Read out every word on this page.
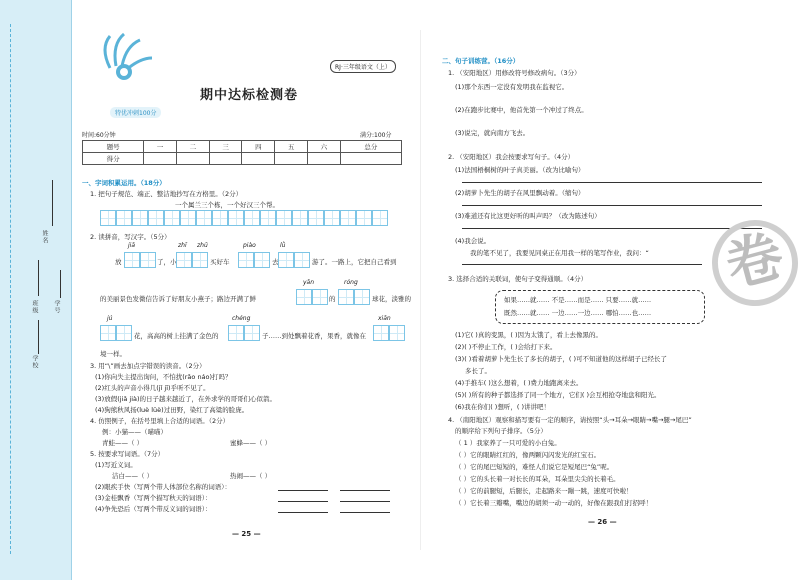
姓名
班级
学校
学号
RJ·三年级语文（上）
期中达标检测卷
特优冲刺100分
时间:60分钟	满分:100分
题号	一	二	三	四	五	六	总分
得分							
一、字词积累运用。（18分）
1. 把句子规范、端正、整洁地抄写在方格里。（2分）
一个属兰三个栋，一个好汉三个帮。
2. 读拼音，写汉字。（5分）
jiā	zhī zhū	piào	lǜ
放	了，小	买好车	去	游了。一路上，它把自己看到
yān	róng
的美丽景色发微信告诉了好朋友小燕子；路边开满了鲜	的	球花，淡雅的
jú	chéng	xiān
花，高高的树上挂满了金色的	子……到处飘着花香，果香，就像在
境一样。
3. 用“\”画去加点字错误的读音。（2分）
(1)你向失主提出询问，不怕扰(rǎo náo)打吗？
(2)红头的声音小得几(jǐ jī)乎听不见了。
(3)放假(jiǎ jià)的日子越来越近了，在外求学的哥哥们心似箭。
(4)狗熊秋风扬(luè lüè)过田野，染红了高粱的脸庞。
4. 仿照例子，在括号里填上合适的词语。（2分）
例：小猫——（喵喵）
青蛙——（ ）	蜜蜂——（ ）
5. 按要求写词语。（7分）
(1)写近义词。
洁白——（ ）	热闹——（ ）
(2)眼疾手快（写两个带人体部位名称的词语）：
(3)金桂飘香（写两个描写秋天的词语）：
(4)争先恐后（写两个带反义词的词语）：
— 25 —
二、句子训练营。（16分）
1. （安阳地区）用修改符号修改病句。（3分）
(1)那个东西一定没有发明我在监视它。
(2)在跑步比赛中，他首先第一个冲过了终点。
(3)说完，就向南方飞去。
2. （安阳地区）我会按要求写句子。（4分）
(1)法国梧桐树的叶子真美丽。（改为比喻句）
(2)胡萝卜先生的胡子在风里飘动着。（缩句）
(3)难道还有比这更好听的叫声吗？（改为陈述句）
(4)我会说。
我的笔不见了，我要见同桌正在用我一样的笔写作业，我问：“
3. 选择合适的关联词，使句子变得通顺。（4分）
如果……就…… 不是……而是…… 只要……就……
既然……就…… 一边……一边…… 哪怕……也……
(1)它( )真的变黑，( )因为太饿了，看上去像黑的。
(2)( )不停止工作，( )会给打下来。
(3)( )看着胡萝卜先生长了多长的胡子，( )可不知道他的这样胡子已经长了
多长了。
(4)手推车( )这么想着，( )费力地跑离来去。
(5)( )所有的种子都选择了同一个地方，它们( )会互相抢夺地盘和阳光。
(6)我在你们( )想听，( )讲讲吧！
4. （南阳地区）观察和描写要有一定的顺序，请按照“头→耳朵→眼睛→嘴→腿→尾巴”
的顺序给下列句子排序。（5分）
（ 1 ）我家养了一只可爱的小白兔。
（ ）它的眼睛红红的，像两颗闪闪发光的红宝石。
（ ）它的尾巴短短的，难怪人们说它是短尾巴“兔”呢。
（ ）它的头长着一对长长的耳朵，耳朵里尖尖的长着毛。
（ ）它的前腿短，后腿长，走起路来一蹦一跳，速度可快啦！
（ ）它长着三瓣嘴，嘴边的胡须一动一动的，好像在跟我们打招呼！
— 26 —
卷
